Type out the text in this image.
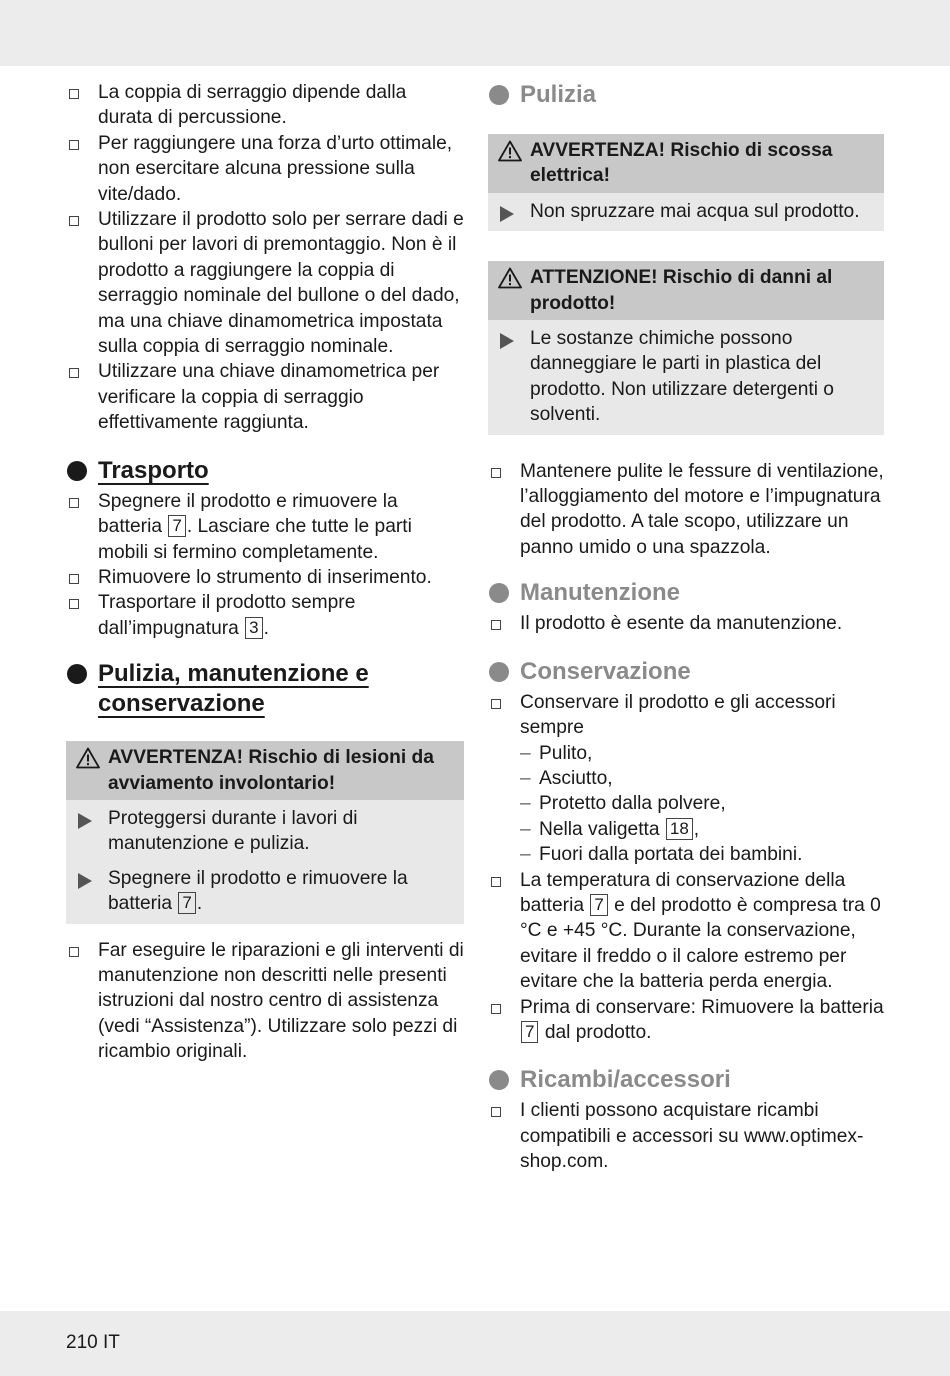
La coppia di serraggio dipende dalla durata di percussione.
Per raggiungere una forza d’urto ottimale, non esercitare alcuna pressione sulla vite/dado.
Utilizzare il prodotto solo per serrare dadi e bulloni per lavori di premontaggio. Non è il prodotto a raggiungere la coppia di serraggio nominale del bullone o del dado, ma una chiave dinamometrica impostata sulla coppia di serraggio nominale.
Utilizzare una chiave dinamometrica per verificare la coppia di serraggio effettivamente raggiunta.
Trasporto
Spegnere il prodotto e rimuovere la batteria 7 . Lasciare che tutte le parti mobili si fermino completamente.
Rimuovere lo strumento di inserimento.
Trasportare il prodotto sempre dall’impugnatura 3 .
Pulizia, manutenzione e
conservazione
AVVERTENZA! Rischio di lesioni da avviamento involontario!
Proteggersi durante i lavori di manutenzione e pulizia.
Spegnere il prodotto e rimuovere la batteria 7 .
Far eseguire le riparazioni e gli interventi di manutenzione non descritti nelle presenti istruzioni dal nostro centro di assistenza (vedi “Assistenza”). Utilizzare solo pezzi di ricambio originali.
Pulizia
AVVERTENZA! Rischio di scossa elettrica!
Non spruzzare mai acqua sul prodotto.
ATTENZIONE! Rischio di danni al prodotto!
Le sostanze chimiche possono danneggiare le parti in plastica del prodotto. Non utilizzare detergenti o solventi.
Mantenere pulite le fessure di ventilazione, l’alloggiamento del motore e l’impugnatura del prodotto. A tale scopo, utilizzare un panno umido o una spazzola.
Manutenzione
Il prodotto è esente da manutenzione.
Conservazione
Conservare il prodotto e gli accessori sempre
– Pulito,
– Asciutto,
– Protetto dalla polvere,
– Nella valigetta 18 ,
– Fuori dalla portata dei bambini.
La temperatura di conservazione della batteria 7 e del prodotto è compresa tra 0 °C e +45 °C. Durante la conservazione, evitare il freddo o il calore estremo per evitare che la batteria perda energia.
Prima di conservare: Rimuovere la batteria 7 dal prodotto.
Ricambi/accessori
I clienti possono acquistare ricambi compatibili e accessori su www.optimex-shop.com.
210 IT
